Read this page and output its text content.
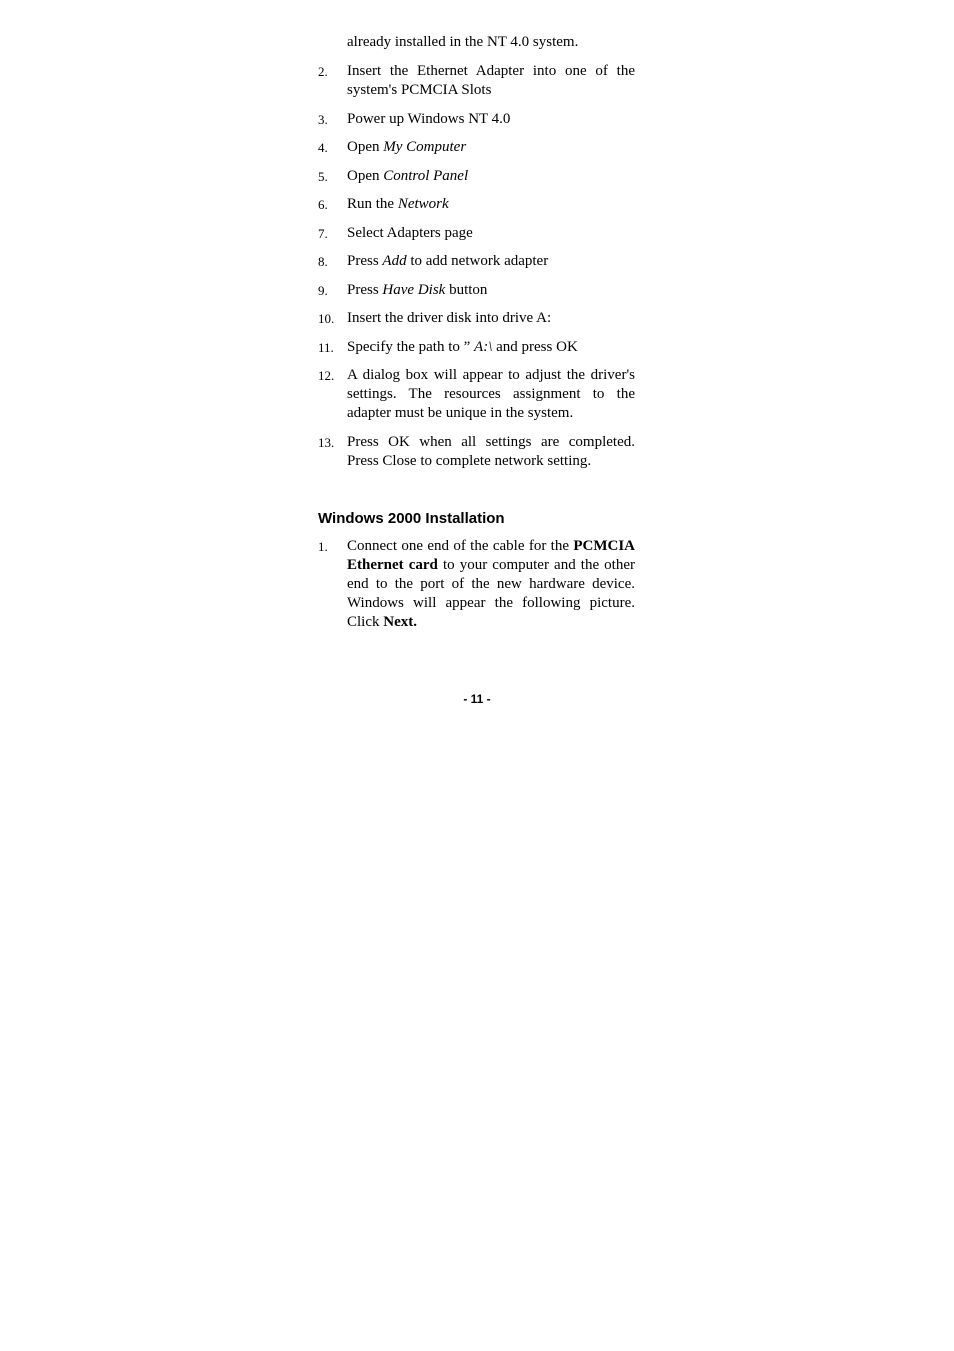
already installed in the NT 4.0 system.
2. Insert the Ethernet Adapter into one of the system's PCMCIA Slots
3. Power up Windows NT 4.0
4. Open My Computer
5. Open Control Panel
6. Run the Network
7. Select Adapters page
8. Press Add to add network adapter
9. Press Have Disk button
10. Insert the driver disk into drive A:
11. Specify the path to ” A:\ and press OK
12. A dialog box will appear to adjust the driver's settings. The resources assignment to the adapter must be unique in the system.
13. Press OK when all settings are completed. Press Close to complete network setting.
Windows 2000 Installation
1. Connect one end of the cable for the PCMCIA Ethernet card to your computer and the other end to the port of the new hardware device. Windows will appear the following picture. Click Next.
- 11 -
